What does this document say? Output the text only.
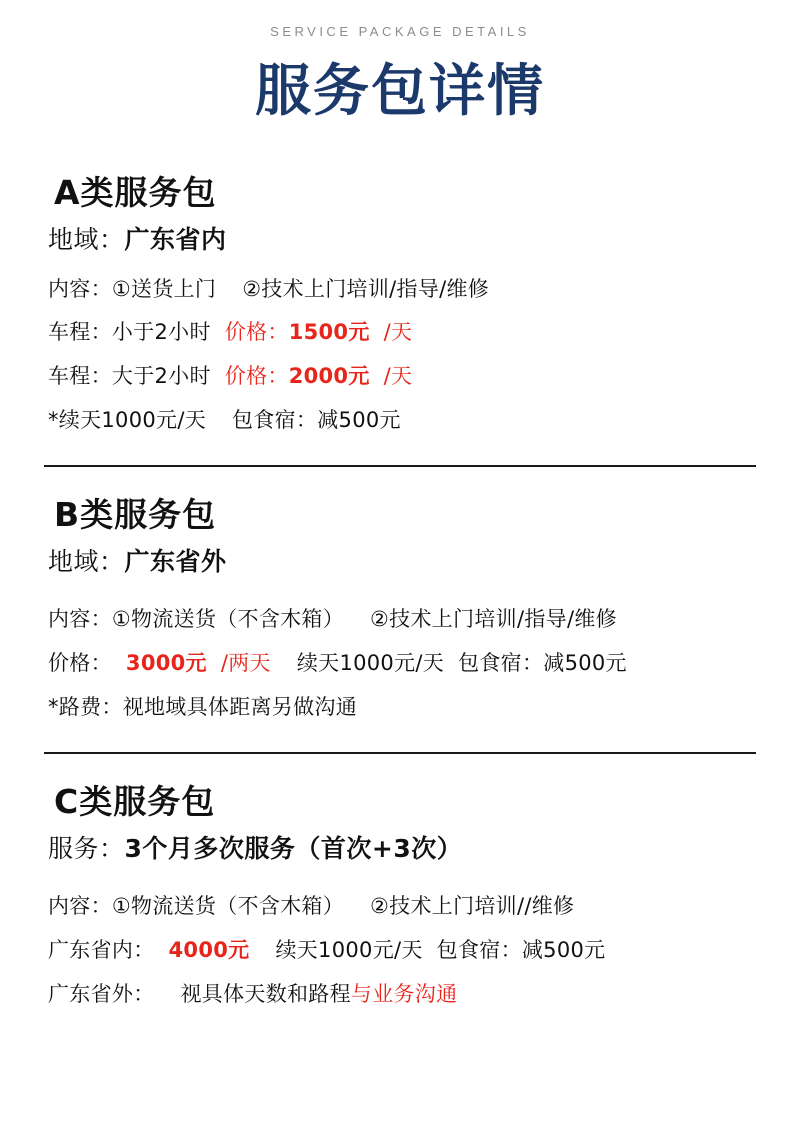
SERVICE PACKAGE DETAILS
服务包详情
A类服务包
地域：广东省内
内容：①送货上门 ②技术上门培训/指导/维修
车程：小于2小时 价格：1500元 /天
车程：大于2小时 价格：2000元 /天
*续天1000元/天 包食宿：减500元
B类服务包
地域：广东省外
内容：①物流送货（不含木箱） ②技术上门培训/指导/维修
价格： 3000元 /两天 续天1000元/天 包食宿：减500元
*路费：视地域具体距离另做沟通
C类服务包
服务：3个月多次服务（首次+3次）
内容：①物流送货（不含木箱） ②技术上门培训//维修
广东省内： 4000元 续天1000元/天 包食宿：减500元
广东省外： 视具体天数和路程与业务沟通
